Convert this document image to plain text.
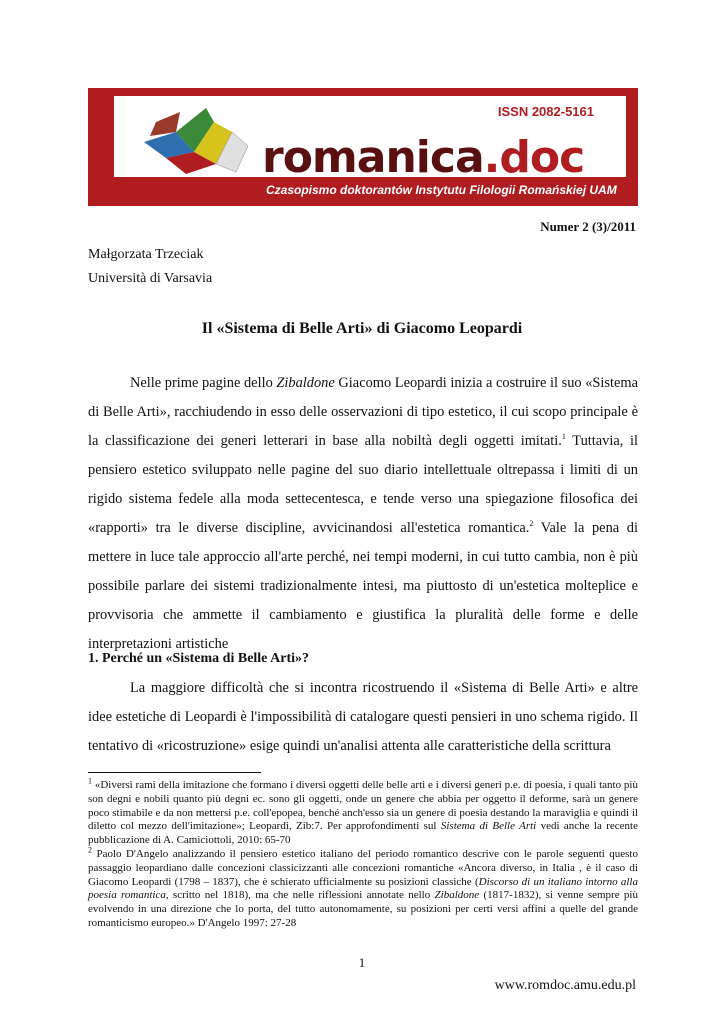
ISSN 2082-5161
romanica.doc
Czasopismo doktorantów Instytutu Filologii Romańskiej UAM
Numer 2 (3)/2011
Małgorzata Trzeciak
Università di Varsavia
Il «Sistema di Belle Arti» di Giacomo Leopardi
Nelle prime pagine dello Zibaldone Giacomo Leopardi inizia a costruire il suo «Sistema di Belle Arti», racchiudendo in esso delle osservazioni di tipo estetico, il cui scopo principale è la classificazione dei generi letterari in base alla nobiltà degli oggetti imitati.$^1$ Tuttavia, il pensiero estetico sviluppato nelle pagine del suo diario intellettuale oltrepassa i limiti di un rigido sistema fedele alla moda settecentesca, e tende verso una spiegazione filosofica dei «rapporti» tra le diverse discipline, avvicinandosi all'estetica romantica.$^2$ Vale la pena di mettere in luce tale approccio all'arte perché, nei tempi moderni, in cui tutto cambia, non è più possibile parlare dei sistemi tradizionalmente intesi, ma piuttosto di un'estetica molteplice e provvisoria che ammette il cambiamento e giustifica la pluralità delle forme e delle interpretazioni artistiche
1. Perché un «Sistema di Belle Arti»?
La maggiore difficoltà che si incontra ricostruendo il «Sistema di Belle Arti» e altre idee estetiche di Leopardi è l'impossibilità di catalogare questi pensieri in uno schema rigido. Il tentativo di «ricostruzione» esige quindi un'analisi attenta alle caratteristiche della scrittura

$^1$ «Diversi rami della imitazione che formano i diversi oggetti delle belle arti e i diversi generi p.e. di poesia, i quali tanto più son degni e nobili quanto più degni ec. sono gli oggetti, onde un genere che abbia per oggetto il deforme, sarà un genere poco stimabile e da non mettersi p.e. coll'epopea, benché anch'esso sia un genere di poesia destando la maraviglia e quindi il diletto col mezzo dell'imitazione»; Leopardi, Zib:7. Per approfondimenti sul Sistema di Belle Arti vedi anche la recente pubblicazione di A. Camiciottoli, 2010: 65-70

$^2$ Paolo D'Angelo analizzando il pensiero estetico italiano del periodo romantico descrive con le parole seguenti questo passaggio leopardiano dalle concezioni classicizzanti alle concezioni romantiche «Ancora diverso, in Italia , è il caso di Giacomo Leopardi (1798 – 1837), che è schierato ufficialmente su posizioni classiche (Discorso di un italiano intorno alla poesia romantica, scritto nel 1818), ma che nelle riflessioni annotate nello Zibaldone (1817-1832), si venne sempre più evolvendo in una direzione che lo porta, del tutto autonomamente, su posizioni per certi versi affini a quelle del grande romanticismo europeo.» D'Angelo 1997: 27-28

1
www.romdoc.amu.edu.pl
